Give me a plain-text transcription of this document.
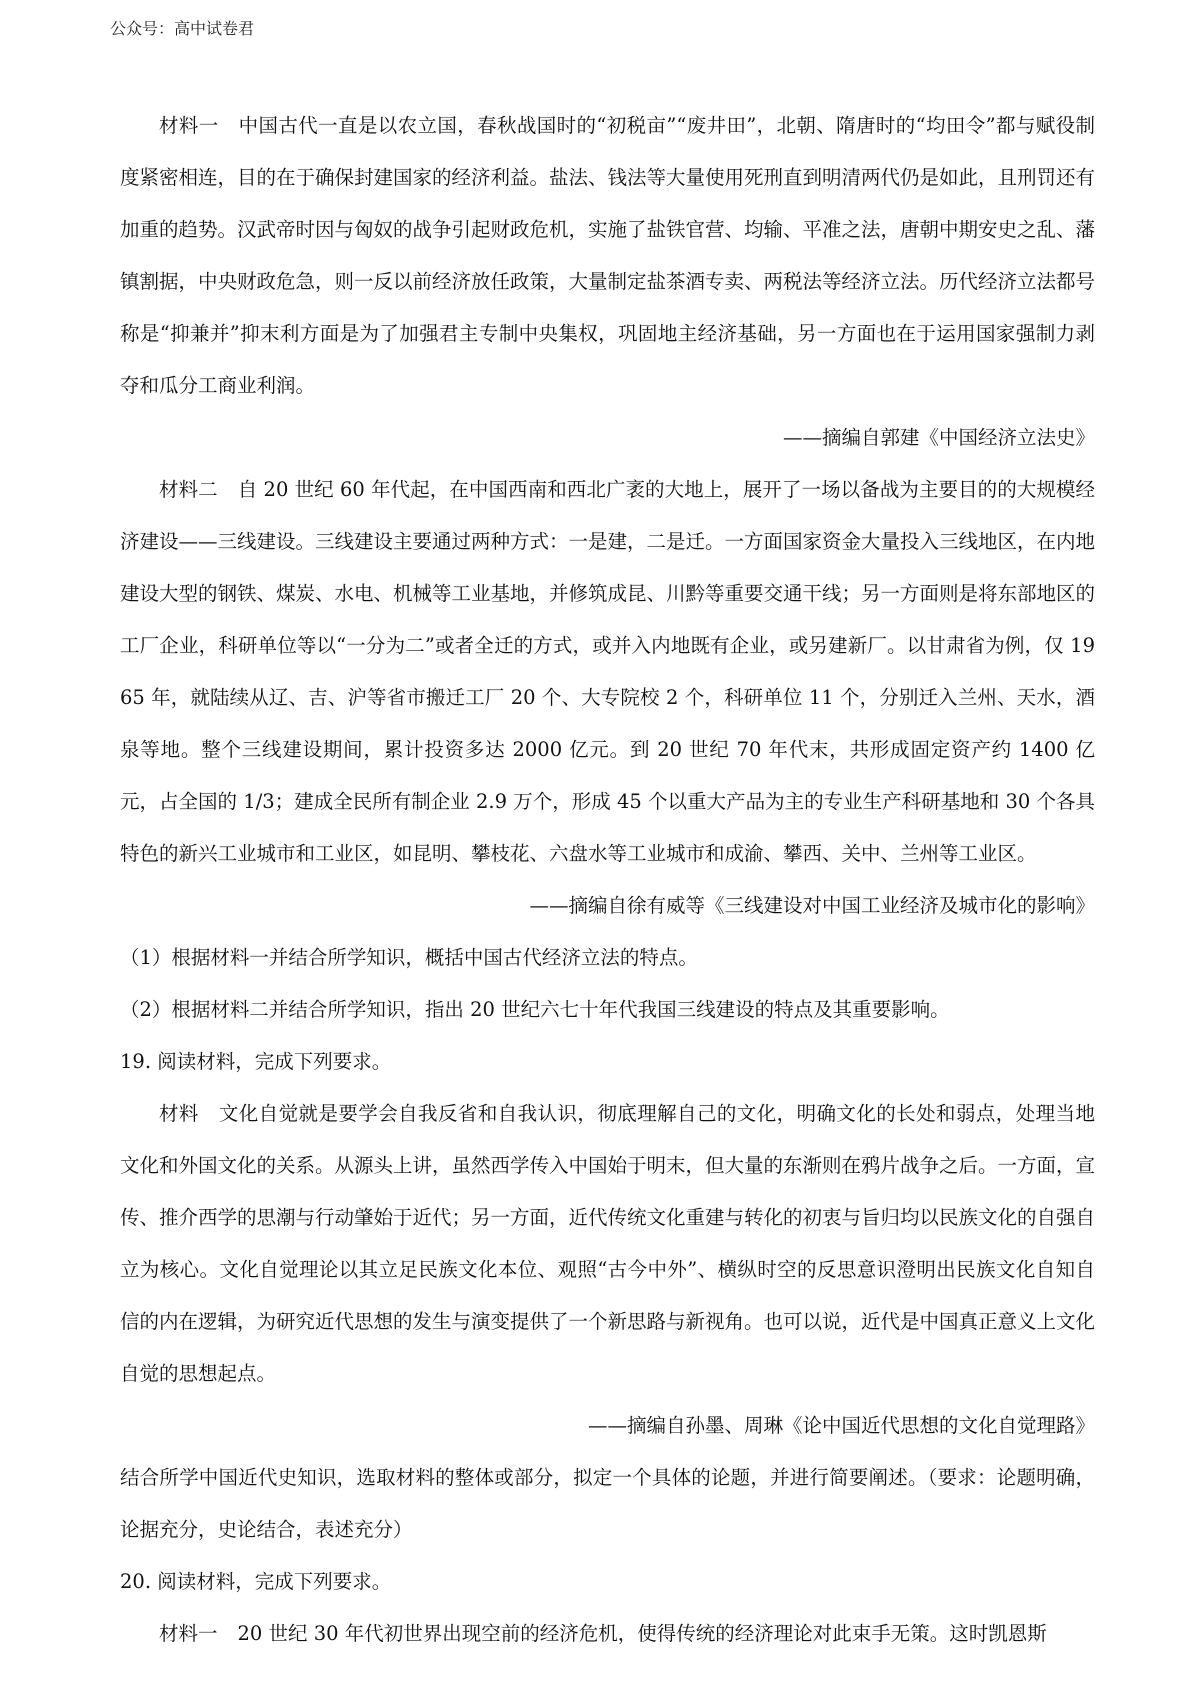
公众号：高中试卷君

材料一 中国古代一直是以农立国，春秋战国时的“初税亩”“废井田”，北朝、隋唐时的“均田令”都与赋役制度紧密相连，目的在于确保封建国家的经济利益。盐法、钱法等大量使用死刑直到明清两代仍是如此，且刑罚还有加重的趋势。汉武帝时因与匈奴的战争引起财政危机，实施了盐铁官营、均输、平准之法，唐朝中期安史之乱、藩镇割据，中央财政危急，则一反以前经济放任政策，大量制定盐茶酒专卖、两税法等经济立法。历代经济立法都号称是“抑兼并”抑末利方面是为了加强君主专制中央集权，巩固地主经济基础，另一方面也在于运用国家强制力剥夺和瓜分工商业利润。

——摘编自郭建《中国经济立法史》

材料二 自 20 世纪 60 年代起，在中国西南和西北广袤的大地上，展开了一场以备战为主要目的的大规模经济建设——三线建设。三线建设主要通过两种方式：一是建，二是迁。一方面国家资金大量投入三线地区，在内地建设大型的钢铁、煤炭、水电、机械等工业基地，并修筑成昆、川黔等重要交通干线；另一方面则是将东部地区的工厂企业，科研单位等以“一分为二”或者全迁的方式，或并入内地既有企业，或另建新厂。以甘肃省为例，仅 1965 年，就陆续从辽、吉、沪等省市搬迁工厂 20 个、大专院校 2 个，科研单位 11 个，分别迁入兰州、天水，酒泉等地。整个三线建设期间，累计投资多达 2000 亿元。到 20 世纪 70 年代末，共形成固定资产约 1400 亿元，占全国的 1/3；建成全民所有制企业 2.9 万个，形成 45 个以重大产品为主的专业生产科研基地和 30 个各具特色的新兴工业城市和工业区，如昆明、攀枝花、六盘水等工业城市和成渝、攀西、关中、兰州等工业区。

——摘编自徐有威等《三线建设对中国工业经济及城市化的影响》

（1）根据材料一并结合所学知识，概括中国古代经济立法的特点。

（2）根据材料二并结合所学知识，指出 20 世纪六七十年代我国三线建设的特点及其重要影响。

19. 阅读材料，完成下列要求。

材料 文化自觉就是要学会自我反省和自我认识，彻底理解自己的文化，明确文化的长处和弱点，处理当地文化和外国文化的关系。从源头上讲，虽然西学传入中国始于明末，但大量的东渐则在鸦片战争之后。一方面，宣传、推介西学的思潮与行动肇始于近代；另一方面，近代传统文化重建与转化的初衷与旨归均以民族文化的自强自立为核心。文化自觉理论以其立足民族文化本位、观照“古今中外”、横纵时空的反思意识澄明出民族文化自知自信的内在逻辑，为研究近代思想的发生与演变提供了一个新思路与新视角。也可以说，近代是中国真正意义上文化自觉的思想起点。

——摘编自孙墨、周琳《论中国近代思想的文化自觉理路》

结合所学中国近代史知识，选取材料的整体或部分，拟定一个具体的论题，并进行简要阐述。（要求：论题明确，论据充分，史论结合，表述充分）

20. 阅读材料，完成下列要求。

材料一 20 世纪 30 年代初世界出现空前的经济危机，使得传统的经济理论对此束手无策。这时凯恩斯
